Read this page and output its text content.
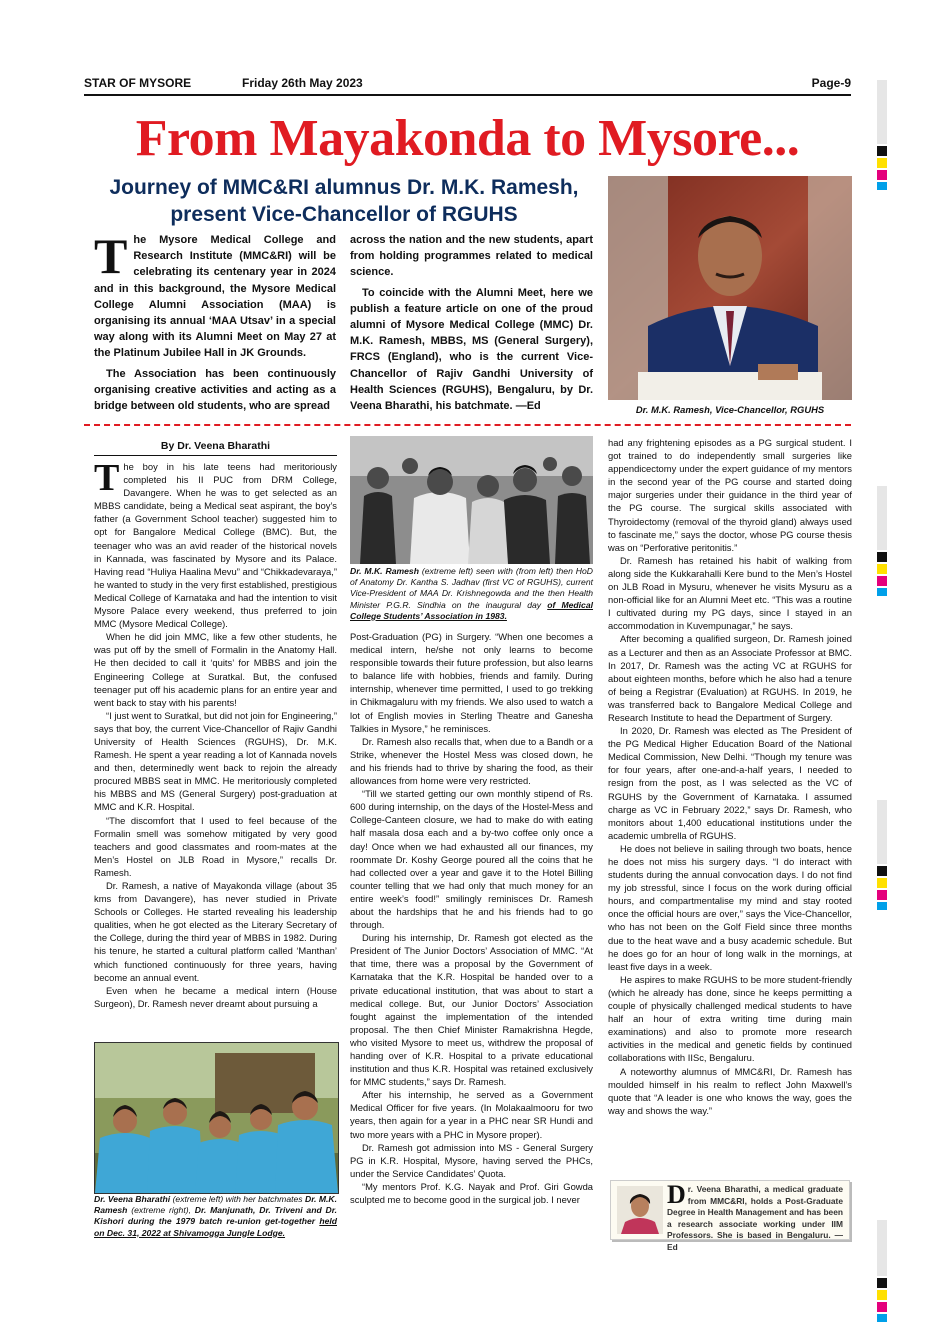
STAR OF MYSORE	Friday 26th May 2023	Page-9
From Mayakonda to Mysore...
Journey of MMC&RI alumnus Dr. M.K. Ramesh,
present Vice-Chancellor of RGUHS

The Mysore Medical College and Research Institute (MMC&RI) will be celebrating its centenary year in 2024 and in this background, the Mysore Medical College Alumni Association (MAA) is organising its annual ‘MAA Utsav’ in a special way along with its Alumni Meet on May 27 at the Platinum Jubilee Hall in JK Grounds.

The Association has been continuously organising creative activities and acting as a bridge between old students, who are spread

across the nation and the new students, apart from holding programmes related to medical science.

To coincide with the Alumni Meet, here we publish a feature article on one of the proud alumni of Mysore Medical College (MMC) Dr. M.K. Ramesh, MBBS, MS (General Surgery), FRCS (England), who is the current Vice-Chancellor of Rajiv Gandhi University of Health Sciences (RGUHS), Bengaluru, by Dr. Veena Bharathi, his batchmate. —Ed	Dr. M.K. Ramesh, Vice-Chancellor, RGUHS
By Dr. Veena Bharathi

The boy in his late teens had meritoriously completed his II PUC from DRM College, Davangere. When he was to get selected as an MBBS candidate, being a Medical seat aspirant, the boy’s father (a Government School teacher) suggested him to opt for Bangalore Medical College (BMC). But, the teenager who was an avid reader of the historical novels in Kannada, was fascinated by Mysore and its Palace. Having read “Huliya Haalina Mevu” and “Chikkadevaraya,” he wanted to study in the very first established, prestigious Medical College of Karnataka and had the intention to visit Mysore Palace every weekend, thus preferred to join MMC (Mysore Medical College).

When he did join MMC, like a few other students, he was put off by the smell of Formalin in the Anatomy Hall. He then decided to call it ‘quits’ for MBBS and join the Engineering College at Suratkal. But, the confused teenager put off his academic plans for an entire year and went back to stay with his parents!

“I just went to Suratkal, but did not join for Engineering,” says that boy, the current Vice-Chancellor of Rajiv Gandhi University of Health Sciences (RGUHS), Dr. M.K. Ramesh. He spent a year reading a lot of Kannada novels and then, determinedly went back to rejoin the already procured MBBS seat in MMC. He meritoriously completed his MBBS and MS (General Surgery) post-graduation at MMC and K.R. Hospital.

“The discomfort that I used to feel because of the Formalin smell was somehow mitigated by very good teachers and good classmates and room-mates at the Men’s Hostel on JLB Road in Mysore,” recalls Dr. Ramesh.

Dr. Ramesh, a native of Mayakonda village (about 35 kms from Davangere), has never studied in Private Schools or Colleges. He started revealing his leadership qualities, when he got elected as the Literary Secretary of the College, during the third year of MBBS in 1982. During his tenure, he started a cultural platform called ‘Manthan’ which functioned continuously for three years, having become an annual event.

Even when he became a medical intern (House Surgeon), Dr. Ramesh never dreamt about pursuing a

Dr. Veena Bharathi (extreme left) with her batchmates Dr. M.K. Ramesh (extreme right), Dr. Manjunath, Dr. Triveni and Dr. Kishori during the 1979 batch re-union get-together held on Dec. 31, 2022 at Shivamogga Jungle Lodge.
Dr. M.K. Ramesh (extreme left) seen with (from left) then HoD of Anatomy Dr. Kantha S. Jadhav (first VC of RGUHS), current Vice-President of MAA Dr. Krishnegowda and the then Health Minister P.G.R. Sindhia on the inaugural day of Medical College Students’ Association in 1983.

Post-Graduation (PG) in Surgery. “When one becomes a medical intern, he/she not only learns to become responsible towards their future profession, but also learns to balance life with hobbies, friends and family. During internship, whenever time permitted, I used to go trekking in Chikmagaluru with my friends. We also used to watch a lot of English movies in Sterling Theatre and Ganesha Talkies in Mysore,” he reminisces.

Dr. Ramesh also recalls that, when due to a Bandh or a Strike, whenever the Hostel Mess was closed down, he and his friends had to thrive by sharing the food, as their allowances from home were very restricted.

“Till we started getting our own monthly stipend of Rs. 600 during internship, on the days of the Hostel-Mess and College-Canteen closure, we had to make do with eating half masala dosa each and a by-two coffee only once a day! Once when we had exhausted all our finances, my roommate Dr. Koshy George poured all the coins that he had collected over a year and gave it to the Hotel Billing counter telling that we had only that much money for an entire week’s food!” smilingly reminisces Dr. Ramesh about the hardships that he and his friends had to go through.

During his internship, Dr. Ramesh got elected as the President of The Junior Doctors’ Association of MMC. “At that time, there was a proposal by the Government of Karnataka that the K.R. Hospital be handed over to a private educational institution, that was about to start a medical college. But, our Junior Doctors’ Association fought against the implementation of the intended proposal. The then Chief Minister Ramakrishna Hegde, who visited Mysore to meet us, withdrew the proposal of handing over of K.R. Hospital to a private educational institution and thus K.R. Hospital was retained exclusively for MMC students,” says Dr. Ramesh.

After his internship, he served as a Government Medical Officer for five years. (In Molakaalmooru for two years, then again for a year in a PHC near SR Hundi and two more years with a PHC in Mysore proper).

Dr. Ramesh got admission into MS - General Surgery PG in K.R. Hospital, Mysore, having served the PHCs, under the Service Candidates’ Quota.

“My mentors Prof. K.G. Nayak and Prof. Giri Gowda sculpted me to become good in the surgical job. I never

had any frightening episodes as a PG surgical student. I got trained to do independently small surgeries like appendicectomy under the expert guidance of my mentors in the second year of the PG course and started doing major surgeries under their guidance in the third year of the PG course. The surgical skills associated with Thyroidectomy (removal of the thyroid gland) always used to fascinate me,” says the doctor, whose PG course thesis was on “Perforative peritonitis.”

Dr. Ramesh has retained his habit of walking from along side the Kukkarahalli Kere bund to the Men’s Hostel on JLB Road in Mysuru, whenever he visits Mysuru as a non-official like for an Alumni Meet etc. “This was a routine I cultivated during my PG days, since I stayed in an accommodation in Kuvempunagar,” he says.

After becoming a qualified surgeon, Dr. Ramesh joined as a Lecturer and then as an Associate Professor at BMC. In 2017, Dr. Ramesh was the acting VC at RGUHS for about eighteen months, before which he also had a tenure of being a Registrar (Evaluation) at RGUHS. In 2019, he was transferred back to Bangalore Medical College and Research Institute to head the Department of Surgery.

In 2020, Dr. Ramesh was elected as The President of the PG Medical Higher Education Board of the National Medical Commission, New Delhi. “Though my tenure was for four years, after one-and-a-half years, I needed to resign from the post, as I was selected as the VC of RGUHS by the Government of Karnataka. I assumed charge as VC in February 2022,” says Dr. Ramesh, who monitors about 1,400 educational institutions under the academic umbrella of RGUHS.

He does not believe in sailing through two boats, hence he does not miss his surgery days. “I do interact with students during the annual convocation days. I do not find my job stressful, since I focus on the work during official hours, and compartmentalise my mind and stay rooted once the official hours are over,” says the Vice-Chancellor, who has not been on the Golf Field since three months due to the heat wave and a busy academic schedule. But he does go for an hour of long walk in the mornings, at least five days in a week.

He aspires to make RGUHS to be more student-friendly (which he already has done, since he keeps permitting a couple of physically challenged medical students to have half an hour of extra writing time during main examinations) and also to promote more research activities in the medical and genetic fields by continued collaborations with IISc, Bengaluru.

A noteworthy alumnus of MMC&RI, Dr. Ramesh has moulded himself in his realm to reflect John Maxwell’s quote that “A leader is one who knows the way, goes the way and shows the way.”

Dr. Veena Bharathi, a medical graduate from MMC&RI, holds a Post-Graduate Degree in Health Management and has been a research associate working under IIM Professors. She is based in Bengaluru. —Ed
